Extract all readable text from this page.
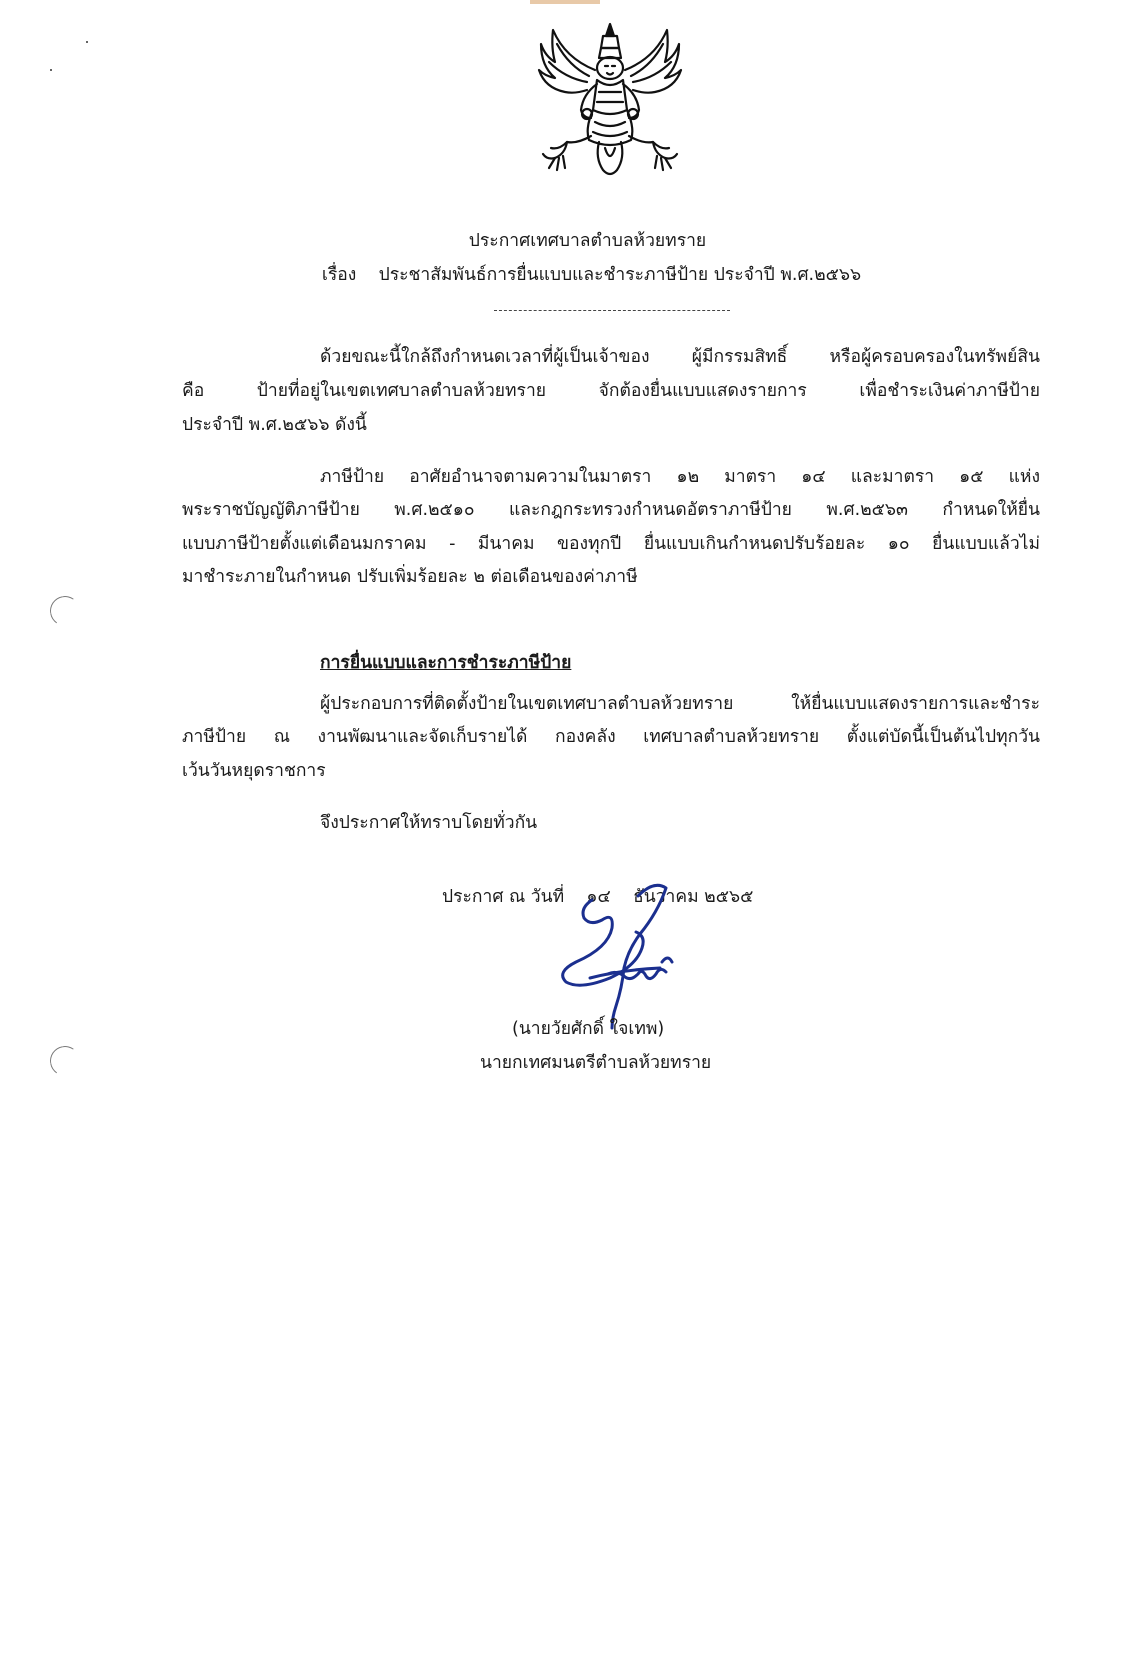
ประกาศเทศบาลตำบลห้วยทราย
เรื่อง ประชาสัมพันธ์การยื่นแบบและชำระภาษีป้าย ประจำปี พ.ศ.๒๕๖๖
ด้วยขณะนี้ใกล้ถึงกำหนดเวลาที่ผู้เป็นเจ้าของ ผู้มีกรรมสิทธิ์ หรือผู้ครอบครองในทรัพย์สิน
คือ ป้ายที่อยู่ในเขตเทศบาลตำบลห้วยทราย จักต้องยื่นแบบแสดงรายการ เพื่อชำระเงินค่าภาษีป้าย
ประจำปี พ.ศ.๒๕๖๖ ดังนี้
ภาษีป้าย อาศัยอำนาจตามความในมาตรา ๑๒ มาตรา ๑๔ และมาตรา ๑๕ แห่ง
พระราชบัญญัติภาษีป้าย พ.ศ.๒๕๑๐ และกฎกระทรวงกำหนดอัตราภาษีป้าย พ.ศ.๒๕๖๓ กำหนดให้ยื่น
แบบภาษีป้ายตั้งแต่เดือนมกราคม - มีนาคม ของทุกปี ยื่นแบบเกินกำหนดปรับร้อยละ ๑๐ ยื่นแบบแล้วไม่
มาชำระภายในกำหนด ปรับเพิ่มร้อยละ ๒ ต่อเดือนของค่าภาษี
การยื่นแบบและการชำระภาษีป้าย
ผู้ประกอบการที่ติดตั้งป้ายในเขตเทศบาลตำบลห้วยทราย ให้ยื่นแบบแสดงรายการและชำระ
ภาษีป้าย ณ งานพัฒนาและจัดเก็บรายได้ กองคลัง เทศบาลตำบลห้วยทราย ตั้งแต่บัดนี้เป็นต้นไปทุกวัน
เว้นวันหยุดราชการ
จึงประกาศให้ทราบโดยทั่วกัน
ประกาศ ณ วันที่ ๑๔ ธันวาคม ๒๕๖๕
(นายวัยศักดิ์ ใจเทพ)
นายกเทศมนตรีตำบลห้วยทราย
